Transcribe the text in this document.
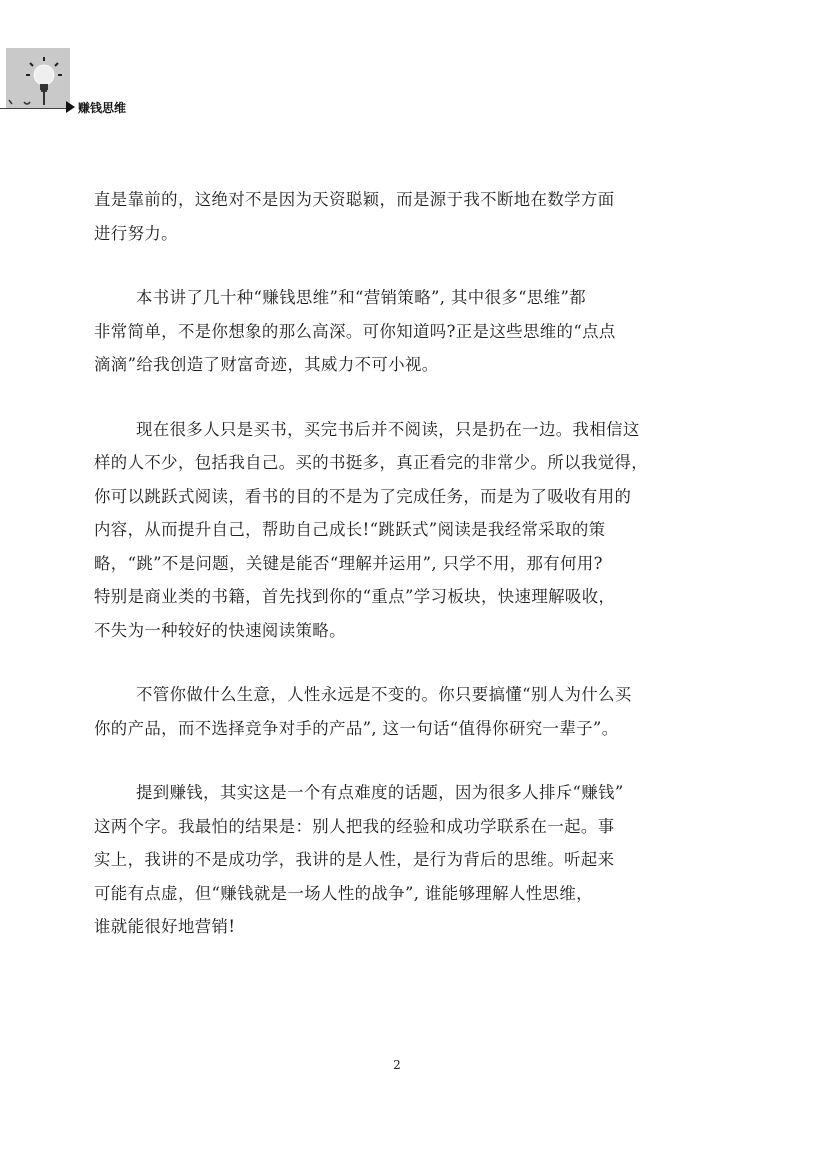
赚钱思维

直是靠前的，这绝对不是因为天资聪颖，而是源于我不断地在数学方面
进行努力。

本书讲了几十种“赚钱思维”和“营销策略”, 其中很多“思维”都
非常简单，不是你想象的那么高深。可你知道吗?正是这些思维的“点点
滴滴”给我创造了财富奇迹，其威力不可小视。

现在很多人只是买书，买完书后并不阅读，只是扔在一边。我相信这
样的人不少，包括我自己。买的书挺多，真正看完的非常少。所以我觉得，
你可以跳跃式阅读，看书的目的不是为了完成任务，而是为了吸收有用的
内容，从而提升自己，帮助自己成长!“跳跃式”阅读是我经常采取的策
略，“跳”不是问题，关键是能否“理解并运用”, 只学不用，那有何用?
特别是商业类的书籍，首先找到你的“重点”学习板块，快速理解吸收，
不失为一种较好的快速阅读策略。

不管你做什么生意，人性永远是不变的。你只要搞懂“别人为什么买
你的产品，而不选择竞争对手的产品”, 这一句话“值得你研究一辈子”。

提到赚钱，其实这是一个有点难度的话题，因为很多人排斥“赚钱”
这两个字。我最怕的结果是：别人把我的经验和成功学联系在一起。事
实上，我讲的不是成功学，我讲的是人性，是行为背后的思维。听起来
可能有点虚，但“赚钱就是一场人性的战争”, 谁能够理解人性思维，
谁就能很好地营销!

2
